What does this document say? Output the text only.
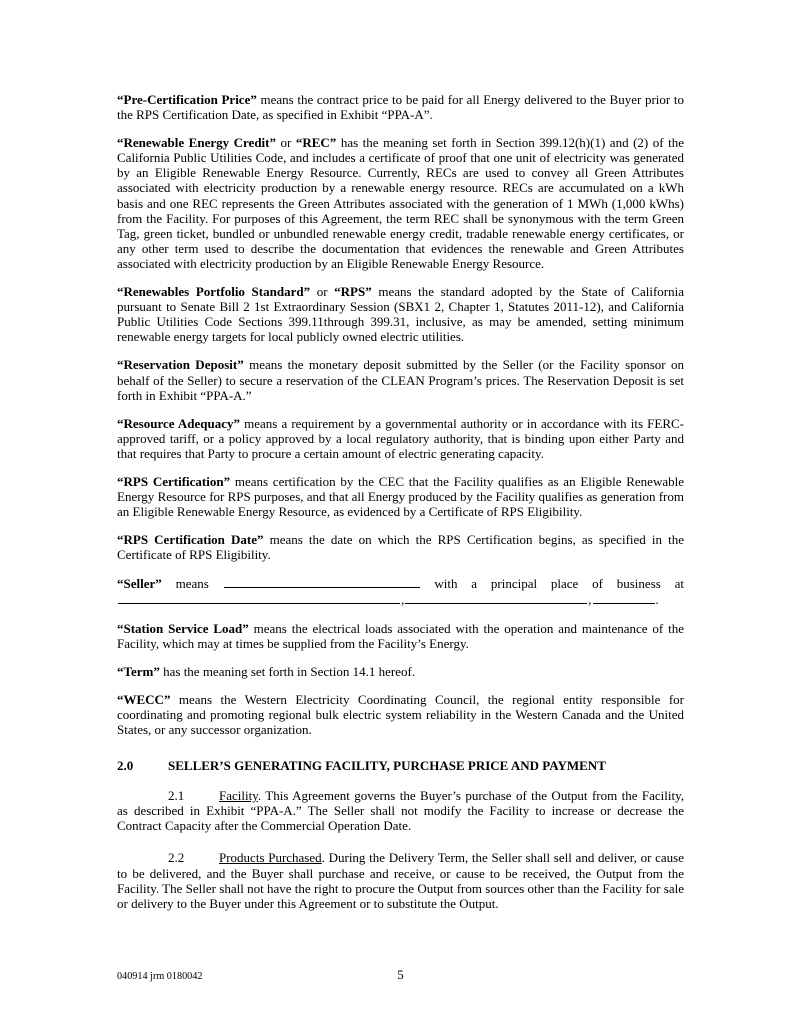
“Pre-Certification Price” means the contract price to be paid for all Energy delivered to the Buyer prior to the RPS Certification Date, as specified in Exhibit “PPA-A”.

“Renewable Energy Credit” or “REC” has the meaning set forth in Section 399.12(h)(1) and (2) of the California Public Utilities Code, and includes a certificate of proof that one unit of electricity was generated by an Eligible Renewable Energy Resource. Currently, RECs are used to convey all Green Attributes associated with electricity production by a renewable energy resource. RECs are accumulated on a kWh basis and one REC represents the Green Attributes associated with the generation of 1 MWh (1,000 kWhs) from the Facility. For purposes of this Agreement, the term REC shall be synonymous with the term Green Tag, green ticket, bundled or unbundled renewable energy credit, tradable renewable energy certificates, or any other term used to describe the documentation that evidences the renewable and Green Attributes associated with electricity production by an Eligible Renewable Energy Resource.

“Renewables Portfolio Standard” or “RPS” means the standard adopted by the State of California pursuant to Senate Bill 2 1st Extraordinary Session (SBX1 2, Chapter 1, Statutes 2011-12), and California Public Utilities Code Sections 399.11through 399.31, inclusive, as may be amended, setting minimum renewable energy targets for local publicly owned electric utilities.

“Reservation Deposit” means the monetary deposit submitted by the Seller (or the Facility sponsor on behalf of the Seller) to secure a reservation of the CLEAN Program’s prices. The Reservation Deposit is set forth in Exhibit “PPA-A.”

“Resource Adequacy” means a requirement by a governmental authority or in accordance with its FERC-approved tariff, or a policy approved by a local regulatory authority, that is binding upon either Party and that requires that Party to procure a certain amount of electric generating capacity.

“RPS Certification” means certification by the CEC that the Facility qualifies as an Eligible Renewable Energy Resource for RPS purposes, and that all Energy produced by the Facility qualifies as generation from an Eligible Renewable Energy Resource, as evidenced by a Certificate of RPS Eligibility.

“RPS Certification Date” means the date on which the RPS Certification begins, as specified in the Certificate of RPS Eligibility.

“Seller” means	with a principal place of business at
,	,	.

“Station Service Load” means the electrical loads associated with the operation and maintenance of the Facility, which may at times be supplied from the Facility’s Energy.

“Term” has the meaning set forth in Section 14.1 hereof.

“WECC” means the Western Electricity Coordinating Council, the regional entity responsible for coordinating and promoting regional bulk electric system reliability in the Western Canada and the United States, or any successor organization.

2.0	SELLER’S GENERATING FACILITY, PURCHASE PRICE AND PAYMENT

2.1	Facility. This Agreement governs the Buyer’s purchase of the Output from the Facility, as described in Exhibit “PPA-A.” The Seller shall not modify the Facility to increase or decrease the Contract Capacity after the Commercial Operation Date.

2.2	Products Purchased. During the Delivery Term, the Seller shall sell and deliver, or cause to be delivered, and the Buyer shall purchase and receive, or cause to be received, the Output from the Facility. The Seller shall not have the right to procure the Output from sources other than the Facility for sale or delivery to the Buyer under this Agreement or to substitute the Output.

040914 jrm 0180042	5
